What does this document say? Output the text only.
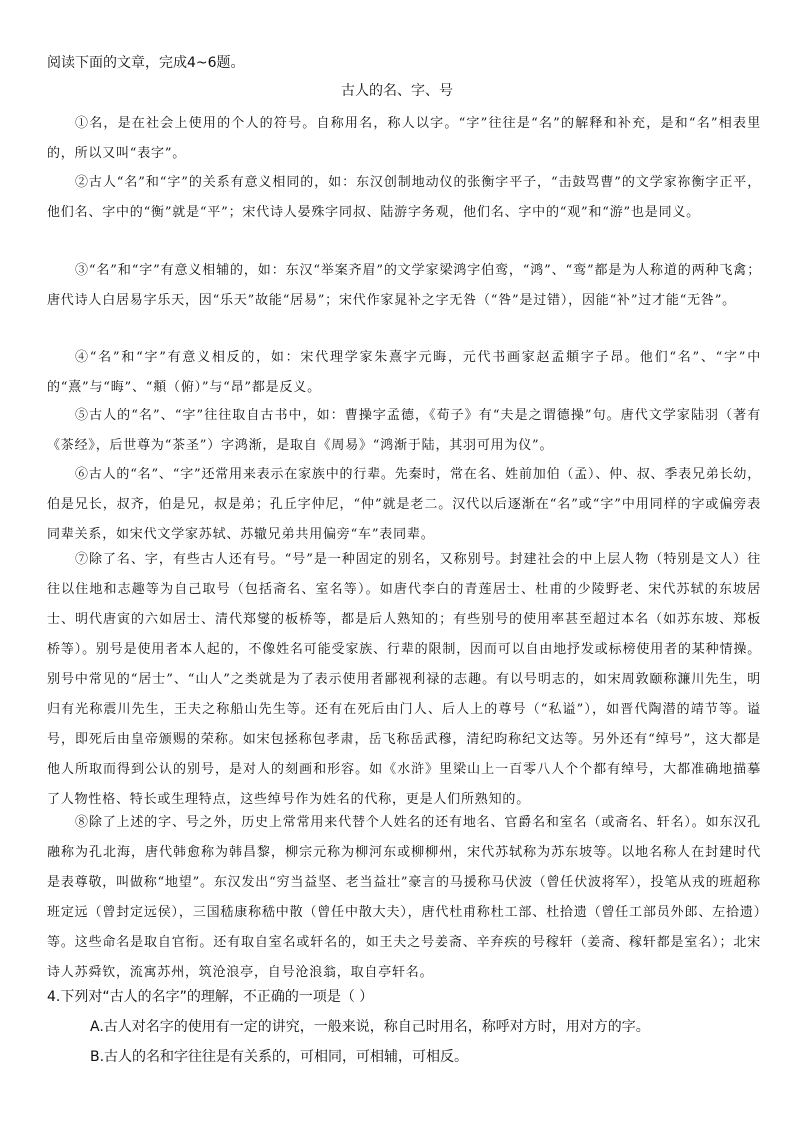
阅读下面的文章，完成4~6题。
古人的名、字、号
①名，是在社会上使用的个人的符号。自称用名，称人以字。“字”往往是“名”的解释和补充，是和“名”相表里的，所以又叫“表字”。
②古人“名”和“字”的关系有意义相同的，如：东汉创制地动仪的张衡字平子，“击鼓骂曹”的文学家祢衡字正平，他们名、字中的“衡”就是“平”；宋代诗人晏殊字同叔、陆游字务观，他们名、字中的“观”和“游”也是同义。
③“名”和“字”有意义相辅的，如：东汉“举案齐眉”的文学家梁鸿字伯鸾，“鸿”、“鸾”都是为人称道的两种飞禽；唐代诗人白居易字乐天，因“乐天”故能“居易”；宋代作家晁补之字无咎（“咎”是过错），因能“补”过才能“无咎”。
④“名”和“字”有意义相反的，如：宋代理学家朱熹字元晦，元代书画家赵孟頫字子昂。他们“名”、“字”中的“熹”与“晦”、“頫（俯）”与“昂”都是反义。
⑤古人的“名”、“字”往往取自古书中，如：曹操字孟德，《荀子》有“夫是之谓德操”句。唐代文学家陆羽（著有《茶经》，后世尊为“茶圣”）字鸿渐，是取自《周易》“鸿渐于陆，其羽可用为仪”。
⑥古人的“名”、“字”还常用来表示在家族中的行辈。先秦时，常在名、姓前加伯（孟）、仲、叔、季表兄弟长幼，伯是兄长，叔齐，伯是兄，叔是弟；孔丘字仲尼，“仲”就是老二。汉代以后逐渐在“名”或“字”中用同样的字或偏旁表同辈关系，如宋代文学家苏轼、苏辙兄弟共用偏旁“车”表同辈。
⑦除了名、字，有些古人还有号。“号”是一种固定的别名，又称别号。封建社会的中上层人物（特别是文人）往往以住地和志趣等为自己取号（包括斋名、室名等）。如唐代李白的青莲居士、杜甫的少陵野老、宋代苏轼的东坡居士、明代唐寅的六如居士、清代郑燮的板桥等，都是后人熟知的；有些别号的使用率甚至超过本名（如苏东坡、郑板桥等）。别号是使用者本人起的，不像姓名可能受家族、行辈的限制，因而可以自由地抒发或标榜使用者的某种情操。别号中常见的“居士”、“山人”之类就是为了表示使用者鄙视利禄的志趣。有以号明志的，如宋周敦颐称濂川先生，明归有光称震川先生，王夫之称船山先生等。还有在死后由门人、后人上的尊号（“私谥”），如晋代陶潜的靖节等。谥号，即死后由皇帝颁赐的荣称。如宋包拯称包孝肃，岳飞称岳武穆，清纪昀称纪文达等。另外还有“绰号”，这大都是他人所取而得到公认的别号，是对人的刻画和形容。如《水浒》里梁山上一百零八人个个都有绰号，大都准确地描摹了人物性格、特长或生理特点，这些绰号作为姓名的代称，更是人们所熟知的。
⑧除了上述的字、号之外，历史上常常用来代替个人姓名的还有地名、官爵名和室名（或斋名、轩名）。如东汉孔融称为孔北海，唐代韩愈称为韩昌黎，柳宗元称为柳河东或柳柳州，宋代苏轼称为苏东坡等。以地名称人在封建时代是表尊敬，叫做称“地望”。东汉发出“穷当益坚、老当益壮”豪言的马援称马伏波（曾任伏波将军），投笔从戎的班超称班定远（曾封定远侯），三国嵇康称嵇中散（曾任中散大夫），唐代杜甫称杜工部、杜拾遗（曾任工部员外郎、左拾遗）等。这些命名是取自官衔。还有取自室名或轩名的，如王夫之号姜斋、辛弃疾的号稼轩（姜斋、稼轩都是室名）；北宋诗人苏舜钦，流寓苏州，筑沧浪亭，自号沧浪翁，取自亭轩名。
4.下列对“古人的名字”的理解，不正确的一项是（ ）
A.古人对名字的使用有一定的讲究，一般来说，称自己时用名，称呼对方时，用对方的字。
B.古人的名和字往往是有关系的，可相同，可相辅，可相反。
